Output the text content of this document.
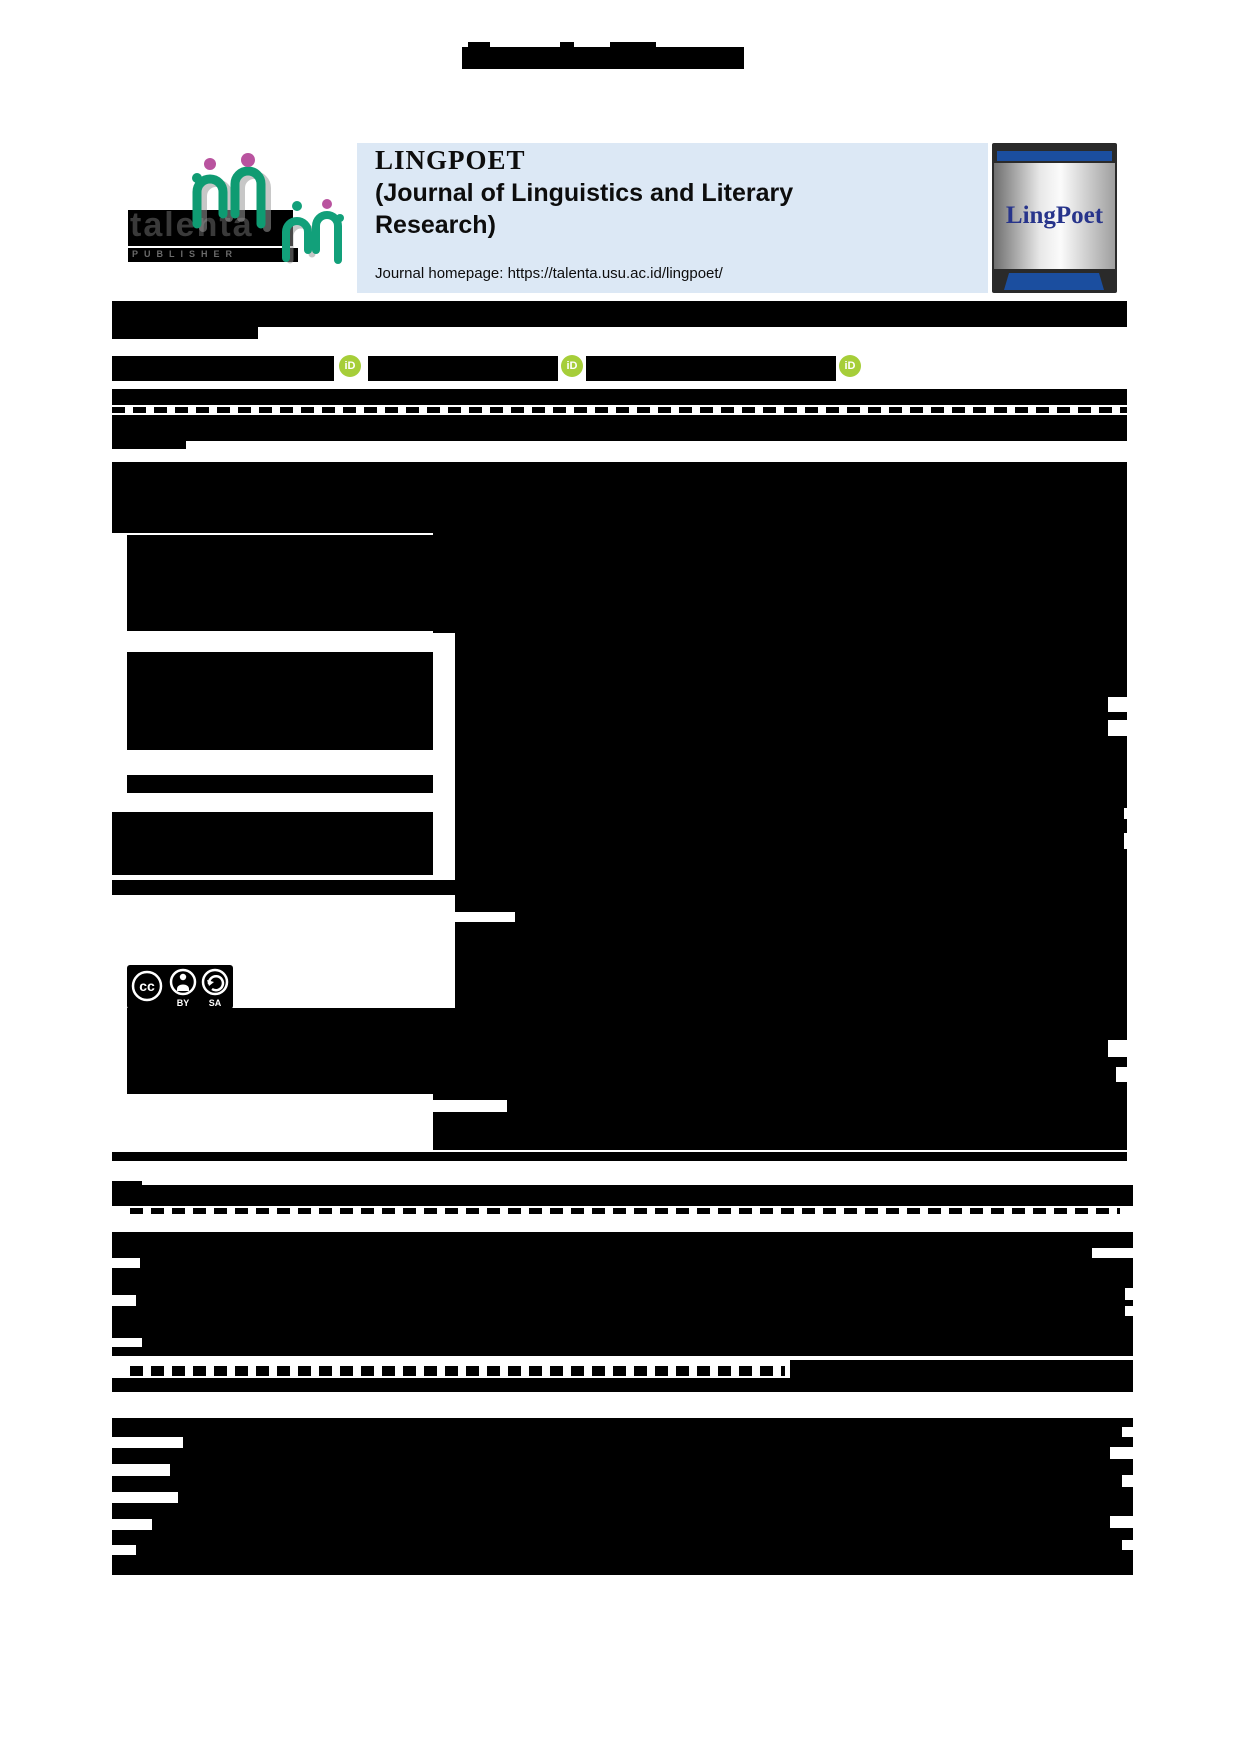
talenta
PUBLISHER
LINGPOET
(Journal of Linguistics and Literary
Research)
Journal homepage: https://talenta.usu.ac.id/lingpoet/
LingPoet
iD	iD	iD
cc
BY SA
